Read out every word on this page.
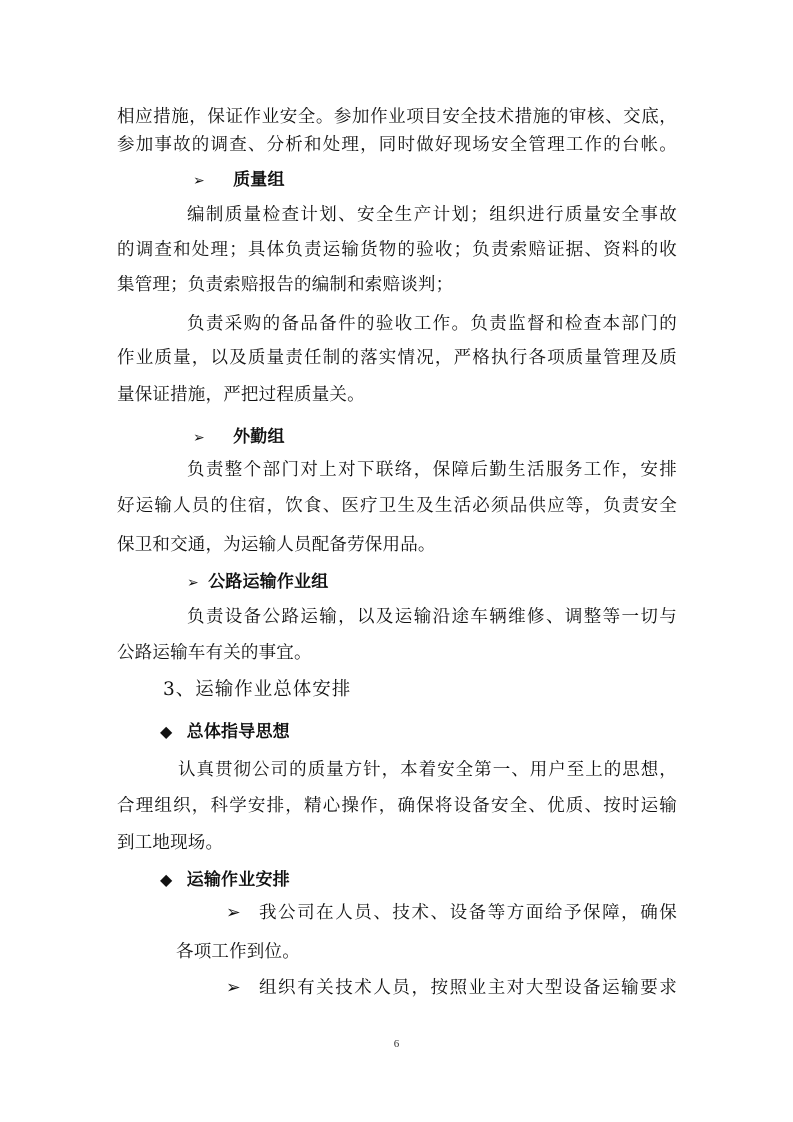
相应措施，保证作业安全。参加作业项目安全技术措施的审核、交底，
参加事故的调查、分析和处理，同时做好现场安全管理工作的台帐。
➢ 质量组
编制质量检查计划、安全生产计划；组织进行质量安全事故
的调查和处理；具体负责运输货物的验收；负责索赔证据、资料的收
集管理；负责索赔报告的编制和索赔谈判；
负责采购的备品备件的验收工作。负责监督和检查本部门的
作业质量，以及质量责任制的落实情况，严格执行各项质量管理及质
量保证措施，严把过程质量关。
➢ 外勤组
负责整个部门对上对下联络，保障后勤生活服务工作，安排
好运输人员的住宿，饮食、医疗卫生及生活必须品供应等，负责安全
保卫和交通，为运输人员配备劳保用品。
➢ 公路运输作业组
负责设备公路运输，以及运输沿途车辆维修、调整等一切与
公路运输车有关的事宜。
3、运输作业总体安排
◆ 总体指导思想
认真贯彻公司的质量方针，本着安全第一、用户至上的思想，
合理组织，科学安排，精心操作，确保将设备安全、优质、按时运输
到工地现场。
◆ 运输作业安排
➢ 我公司在人员、技术、设备等方面给予保障，确保
各项工作到位。
➢ 组织有关技术人员，按照业主对大型设备运输要求
6
